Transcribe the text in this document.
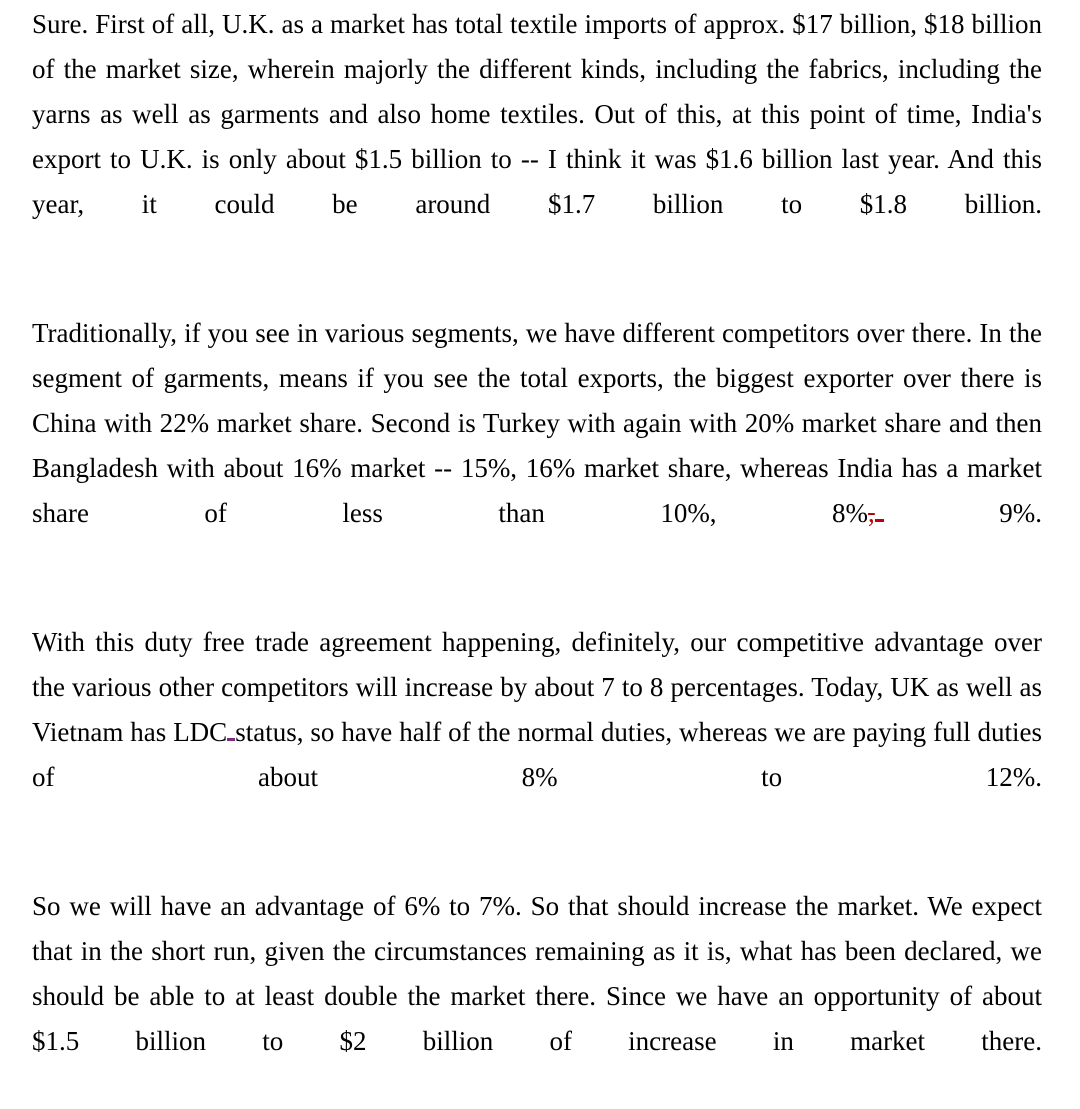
Sure. First of all, U.K. as a market has total textile imports of approx. $17 billion, $18 billion of the market size, wherein majorly the different kinds, including the fabrics, including the yarns as well as garments and also home textiles. Out of this, at this point of time, India's export to U.K. is only about $1.5 billion to -- I think it was $1.6 billion last year. And this year, it could be around $1.7 billion to $1.8 billion.

Traditionally, if you see in various segments, we have different competitors over there. In the segment of garments, means if you see the total exports, the biggest exporter over there is China with 22% market share. Second is Turkey with again with 20% market share and then Bangladesh with about 16% market -- 15%, 16% market share, whereas India has a market share of less than 10%, 8%, 9%.

With this duty free trade agreement happening, definitely, our competitive advantage over the various other competitors will increase by about 7 to 8 percentages. Today, UK as well as Vietnam has LDC status, so have half of the normal duties, whereas we are paying full duties of about 8% to 12%.

So we will have an advantage of 6% to 7%. So that should increase the market. We expect that in the short run, given the circumstances remaining as it is, what has been declared, we should be able to at least double the market there. Since we have an opportunity of about $1.5 billion to $2 billion of increase in market there.
